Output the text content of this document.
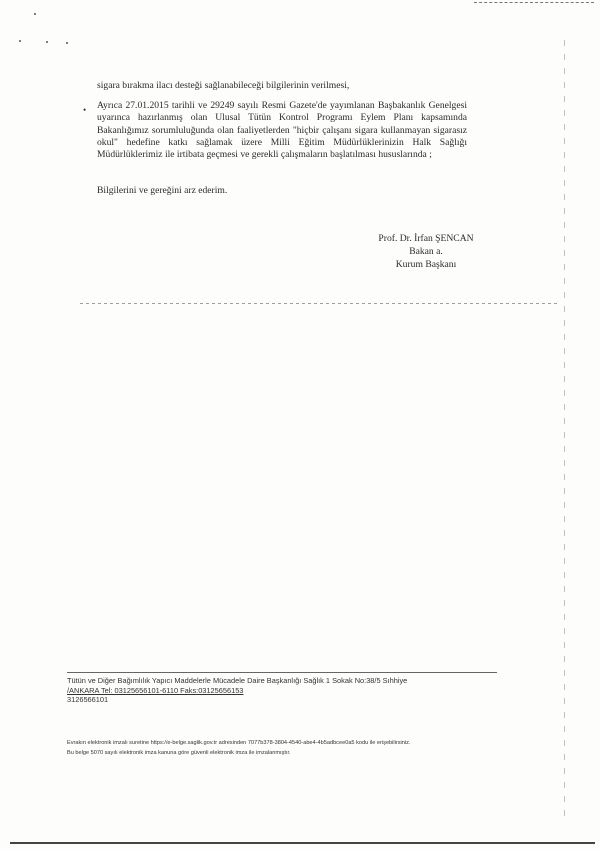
sigara bırakma ilacı desteği sağlanabileceği bilgilerinin verilmesi,
• Ayrıca 27.01.2015 tarihli ve 29249 sayılı Resmi Gazete'de yayımlanan Başbakanlık Genelgesi uyarınca hazırlanmış olan Ulusal Tütün Kontrol Programı Eylem Planı kapsamında Bakanlığımız sorumluluğunda olan faaliyetlerden "hiçbir çalışanı sigara kullanmayan sigarasız okul" hedefine katkı sağlamak üzere Milli Eğitim Müdürlüklerinizin Halk Sağlığı Müdürlüklerimiz ile irtibata geçmesi ve gerekli çalışmaların başlatılması hususlarında ;
Bilgilerini ve gereğini arz ederim.
Prof. Dr. İrfan ŞENCAN
Bakan a.
Kurum Başkanı
Tütün ve Diğer Bağımlılık Yapıcı Maddelerle Mücadele Daire Başkanlığı Sağlık 1 Sokak No:38/5 Sıhhiye
/ANKARA Tel: 03125656101-6110 Faks:03125656153
3126566101
Evrakın elektronik imzalı suretine https://e-belge.saglik.gov.tr adresinden 7077b378-3804-4540-abe4-4b5adbcee0a5 kodu ile erişebilirsiniz.
Bu belge 5070 sayılı elektronik imza kanuna göre güvenli elektronik imza ile imzalanmıştır.
